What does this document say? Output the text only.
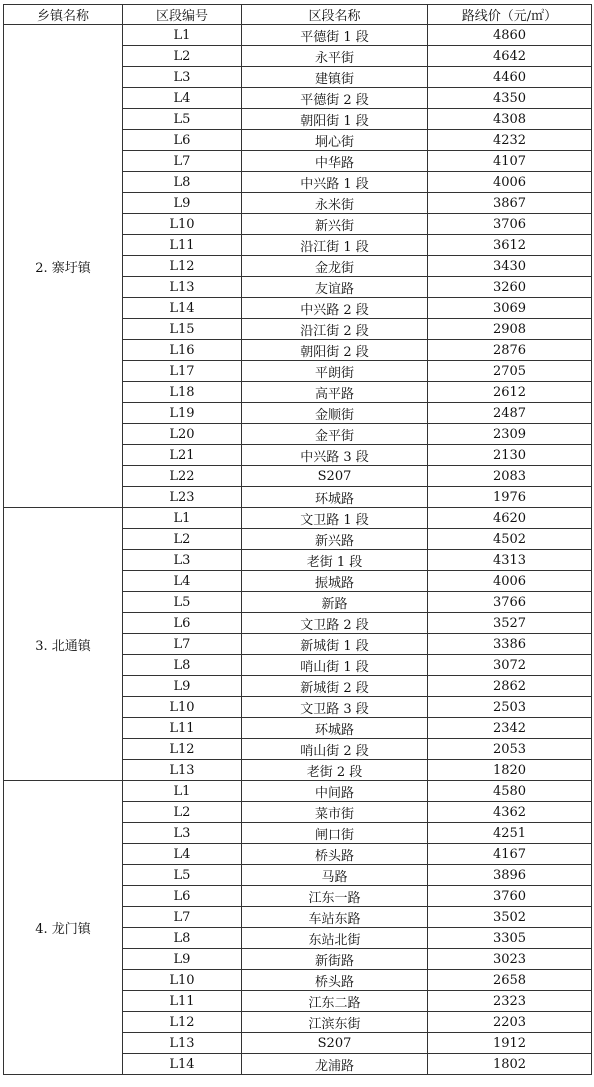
乡镇名称	区段编号	区段名称	路线价（元/㎡）
2. 寨圩镇	L1	平德街 1 段	4860
	L2	永平街	4642
	L3	建镇街	4460
	L4	平德街 2 段	4350
	L5	朝阳街 1 段	4308
	L6	垌心街	4232
	L7	中华路	4107
	L8	中兴路 1 段	4006
	L9	永米街	3867
	L10	新兴街	3706
	L11	沿江街 1 段	3612
	L12	金龙街	3430
	L13	友谊路	3260
	L14	中兴路 2 段	3069
	L15	沿江街 2 段	2908
	L16	朝阳街 2 段	2876
	L17	平朗街	2705
	L18	高平路	2612
	L19	金顺街	2487
	L20	金平街	2309
	L21	中兴路 3 段	2130
	L22	S207	2083
	L23	环城路	1976
3. 北通镇	L1	文卫路 1 段	4620
	L2	新兴路	4502
	L3	老街 1 段	4313
	L4	振城路	4006
	L5	新路	3766
	L6	文卫路 2 段	3527
	L7	新城街 1 段	3386
	L8	哨山街 1 段	3072
	L9	新城街 2 段	2862
	L10	文卫路 3 段	2503
	L11	环城路	2342
	L12	哨山街 2 段	2053
	L13	老街 2 段	1820
4. 龙门镇	L1	中间路	4580
	L2	菜市街	4362
	L3	闸口街	4251
	L4	桥头路	4167
	L5	马路	3896
	L6	江东一路	3760
	L7	车站东路	3502
	L8	东站北街	3305
	L9	新街路	3023
	L10	桥头路	2658
	L11	江东二路	2323
	L12	江滨东街	2203
	L13	S207	1912
	L14	龙浦路	1802
